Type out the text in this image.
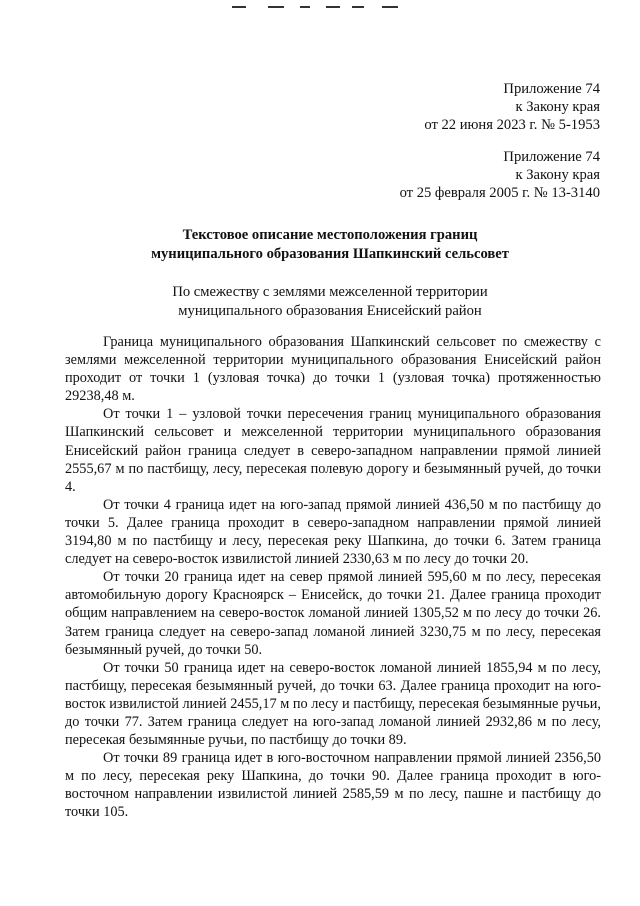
Приложение 74
к Закону края
от 22 июня 2023 г. № 5-1953
Приложение 74
к Закону края
от 25 февраля 2005 г. № 13-3140
Текстовое описание местоположения границ
муниципального образования Шапкинский сельсовет
По смежеству с землями межселенной территории
муниципального образования Енисейский район

Граница муниципального образования Шапкинский сельсовет по смежеству с землями межселенной территории муниципального образования Енисейский район проходит от точки 1 (узловая точка) до точки 1 (узловая точка) протяженностью 29238,48 м.

От точки 1 – узловой точки пересечения границ муниципального образования Шапкинский сельсовет и межселенной территории муниципального образования Енисейский район граница следует в северо-западном направлении прямой линией 2555,67 м по пастбищу, лесу, пересекая полевую дорогу и безымянный ручей, до точки 4.

От точки 4 граница идет на юго-запад прямой линией 436,50 м по пастбищу до точки 5. Далее граница проходит в северо-западном направлении прямой линией 3194,80 м по пастбищу и лесу, пересекая реку Шапкина, до точки 6. Затем граница следует на северо-восток извилистой линией 2330,63 м по лесу до точки 20.

От точки 20 граница идет на север прямой линией 595,60 м по лесу, пересекая автомобильную дорогу Красноярск – Енисейск, до точки 21. Далее граница проходит общим направлением на северо-восток ломаной линией 1305,52 м по лесу до точки 26. Затем граница следует на северо-запад ломаной линией 3230,75 м по лесу, пересекая безымянный ручей, до точки 50.

От точки 50 граница идет на северо-восток ломаной линией 1855,94 м по лесу, пастбищу, пересекая безымянный ручей, до точки 63. Далее граница проходит на юго-восток извилистой линией 2455,17 м по лесу и пастбищу, пересекая безымянные ручьи, до точки 77. Затем граница следует на юго-запад ломаной линией 2932,86 м по лесу, пересекая безымянные ручьи, по пастбищу до точки 89.

От точки 89 граница идет в юго-восточном направлении прямой линией 2356,50 м по лесу, пересекая реку Шапкина, до точки 90. Далее граница проходит в юго-восточном направлении извилистой линией 2585,59 м по лесу, пашне и пастбищу до точки 105.
